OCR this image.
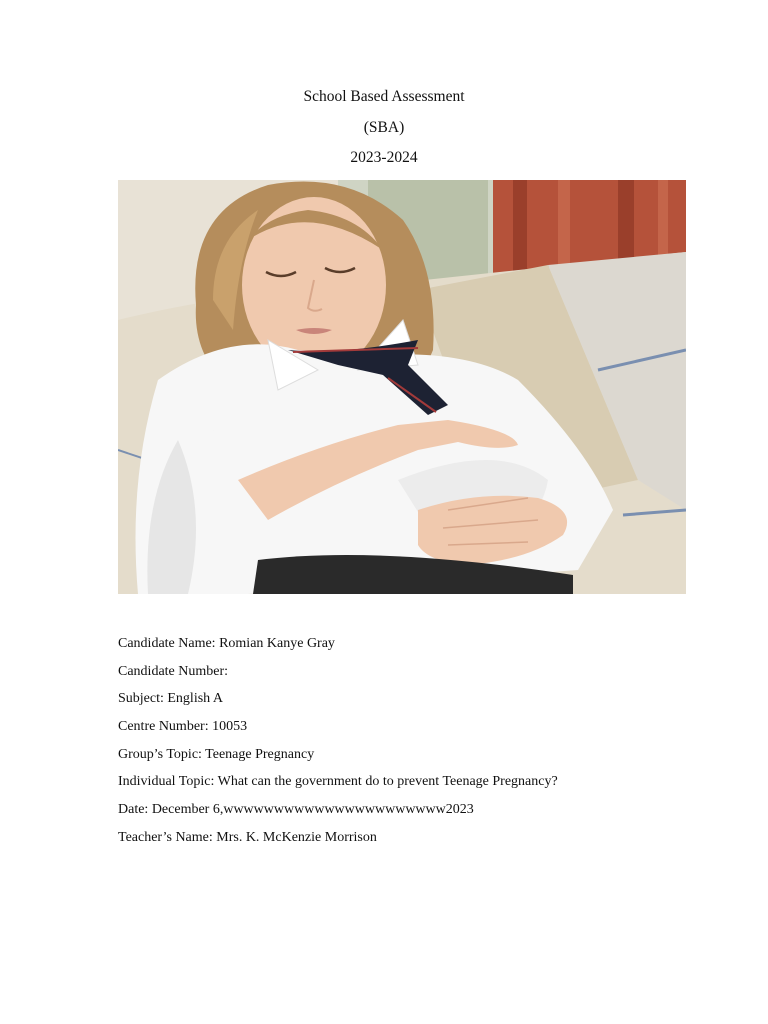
School Based Assessment
(SBA)
2023-2024
Candidate Name: Romian Kanye Gray
Candidate Number:
Subject: English A
Centre Number: 10053
Group’s Topic: Teenage Pregnancy
Individual Topic: What can the government do to prevent Teenage Pregnancy?
Date: December 6,wwwwwwwwwwwwwwwwwwwwww2023
Teacher’s Name: Mrs. K. McKenzie Morrison
